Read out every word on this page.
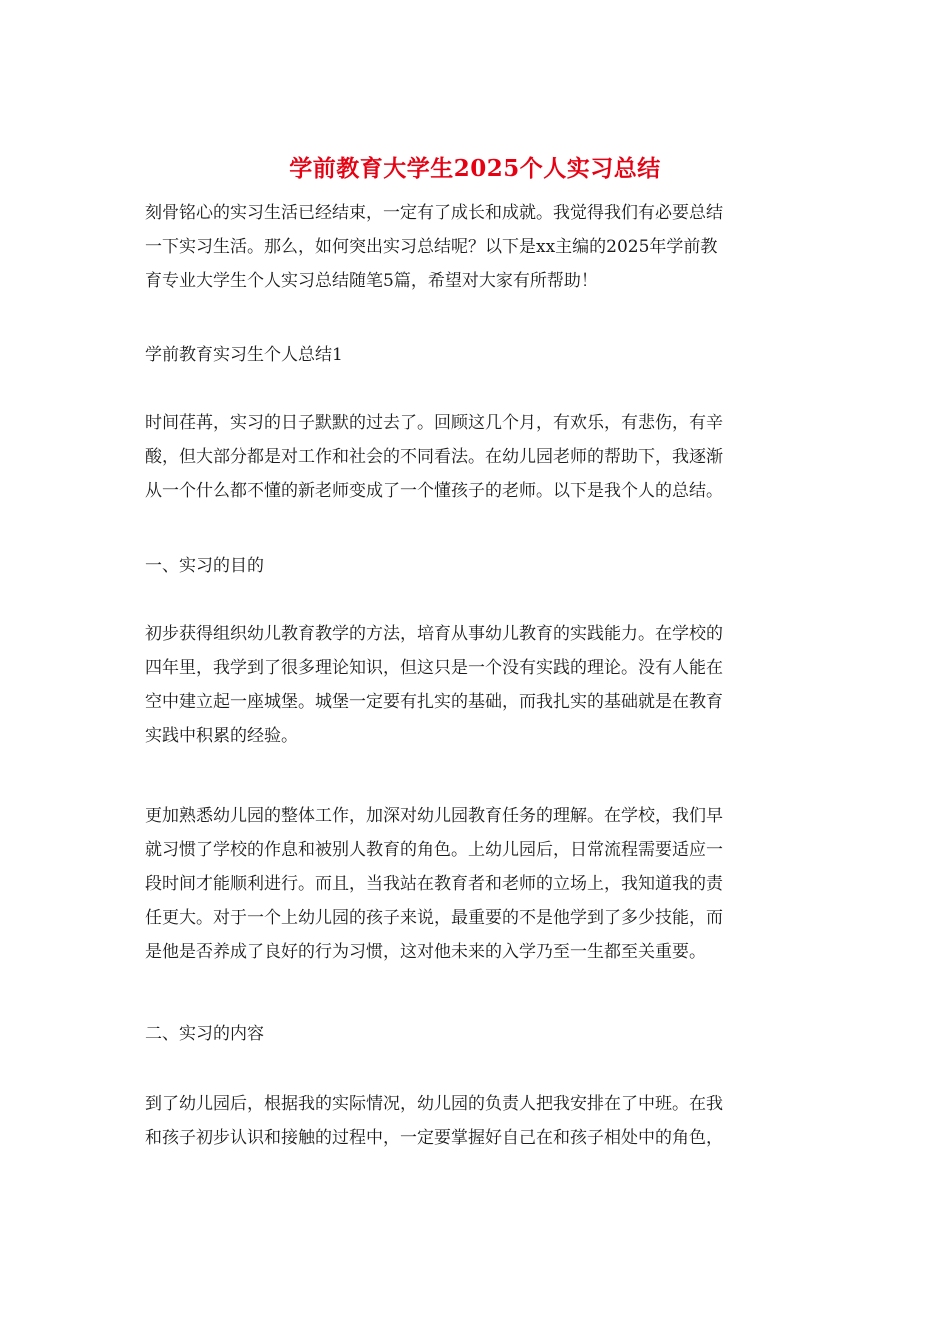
学前教育大学生2025个人实习总结

刻骨铭心的实习生活已经结束，一定有了成长和成就。我觉得我们有必要总结

一下实习生活。那么，如何突出实习总结呢？以下是xx主编的2025年学前教

育专业大学生个人实习总结随笔5篇，希望对大家有所帮助！

学前教育实习生个人总结1

时间荏苒，实习的日子默默的过去了。回顾这几个月，有欢乐，有悲伤，有辛

酸，但大部分都是对工作和社会的不同看法。在幼儿园老师的帮助下，我逐渐

从一个什么都不懂的新老师变成了一个懂孩子的老师。以下是我个人的总结。

一、实习的目的

初步获得组织幼儿教育教学的方法，培育从事幼儿教育的实践能力。在学校的

四年里，我学到了很多理论知识，但这只是一个没有实践的理论。没有人能在

空中建立起一座城堡。城堡一定要有扎实的基础，而我扎实的基础就是在教育

实践中积累的经验。

更加熟悉幼儿园的整体工作，加深对幼儿园教育任务的理解。在学校，我们早

就习惯了学校的作息和被别人教育的角色。上幼儿园后，日常流程需要适应一

段时间才能顺利进行。而且，当我站在教育者和老师的立场上，我知道我的责

任更大。对于一个上幼儿园的孩子来说，最重要的不是他学到了多少技能，而

是他是否养成了良好的行为习惯，这对他未来的入学乃至一生都至关重要。

二、实习的内容

到了幼儿园后，根据我的实际情况，幼儿园的负责人把我安排在了中班。在我

和孩子初步认识和接触的过程中，一定要掌握好自己在和孩子相处中的角色，
